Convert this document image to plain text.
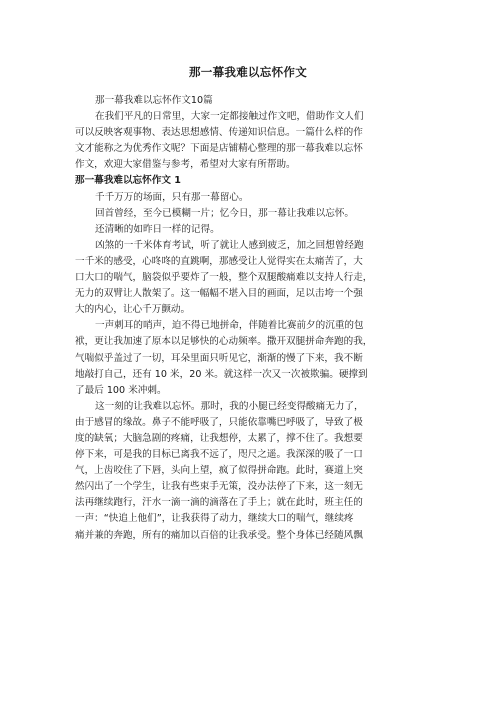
那一幕我难以忘怀作文
那一幕我难以忘怀作文10篇
在我们平凡的日常里，大家一定都接触过作文吧，借助作文人们
可以反映客观事物、表达思想感情、传递知识信息。一篇什么样的作
文才能称之为优秀作文呢？下面是店铺精心整理的那一幕我难以忘怀
作文，欢迎大家借鉴与参考，希望对大家有所帮助。
那一幕我难以忘怀作文 1
千千万万的场面，只有那一幕留心。
回首曾经，至今已模糊一片；忆今日，那一幕让我难以忘怀。
还清晰的如昨日一样的记得。
凶煞的一千米体育考试，听了就让人感到疲乏，加之回想曾经跑
一千米的感受，心咚咚的直跳啊，那感受让人觉得实在太痛苦了，大
口大口的喘气，脑袋似乎要炸了一般，整个双腿酸痛难以支持人行走，
无力的双臂让人散架了。这一幅幅不堪入目的画面，足以击垮一个强
大的内心，让心千万颤动。
一声刺耳的哨声，迫不得已地拼命，伴随着比赛前夕的沉重的包
袱，更让我加速了原本以足够快的心动频率。撒开双腿拼命奔跑的我，
气喘似乎盖过了一切，耳朵里面只听见它，渐渐的慢了下来，我不断
地敲打自己，还有 10 米，20 米。就这样一次又一次被欺骗。硬撑到
了最后 100 米冲刺。
这一刻的让我难以忘怀。那时，我的小腿已经变得酸痛无力了，
由于感冒的缘故。鼻子不能呼吸了，只能依靠嘴巴呼吸了，导致了极
度的缺氧；大脑急剧的疼痛，让我想停，太累了，撑不住了。我想要
停下来，可是我的目标已离我不远了，咫尺之遥。我深深的吸了一口
气，上齿咬住了下唇，头向上望，疯了似得拼命跑。此时，赛道上突
然闪出了一个学生，让我有些束手无策，没办法停了下来，这一刻无
法再继续跑行，汗水一滴一滴的滴落在了手上；就在此时，班主任的
一声：“快追上他们”，让我获得了动力，继续大口的喘气，继续疼
痛并兼的奔跑，所有的痛加以百倍的让我承受。整个身体已经随风飘
